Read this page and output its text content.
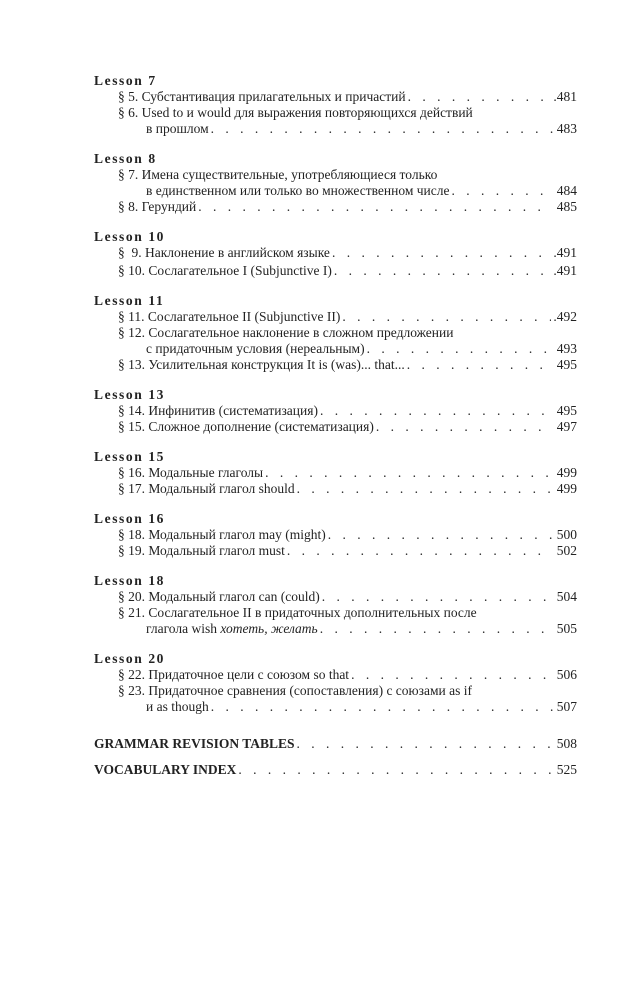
Lesson 7
§ 5. Субстантивация прилагательных и причастий . . .	.481
§ 6. Used to и would для выражения повторяющихся действий
в прошлом . . .	483
Lesson 8
§ 7. Имена существительные, употребляющиеся только
в единственном или только во множественном числе . . .	484
§ 8. Герундий . . .	485
Lesson 10
§  9. Наклонение в английском языке . . .	.491
§ 10. Сослагательное I (Subjunctive I) . . .	.491
Lesson 11
§ 11. Сослагательное II (Subjunctive II) . . .	.492
§ 12. Сослагательное наклонение в сложном предложении
с придаточным условия (нереальным) . . .	493
§ 13. Усилительная конструкция It is (was)... that... . . .	495
Lesson 13
§ 14. Инфинитив (систематизация) . . .	495
§ 15. Сложное дополнение (систематизация) . . .	497
Lesson 15
§ 16. Модальные глаголы . . .	499
§ 17. Модальный глагол should . . .	499
Lesson 16
§ 18. Модальный глагол may (might) . . .	500
§ 19. Модальный глагол must . . .	502
Lesson 18
§ 20. Модальный глагол can (could) . . .	504
§ 21. Сослагательное II в придаточных дополнительных после
глагола wish хотеть, желать . . .	505
Lesson 20
§ 22. Придаточное цели с союзом so that . . .	506
§ 23. Придаточное сравнения (сопоставления) с союзами as if
и as though . . .	507
GRAMMAR REVISION TABLES . . .	508
VOCABULARY INDEX . . .	525
